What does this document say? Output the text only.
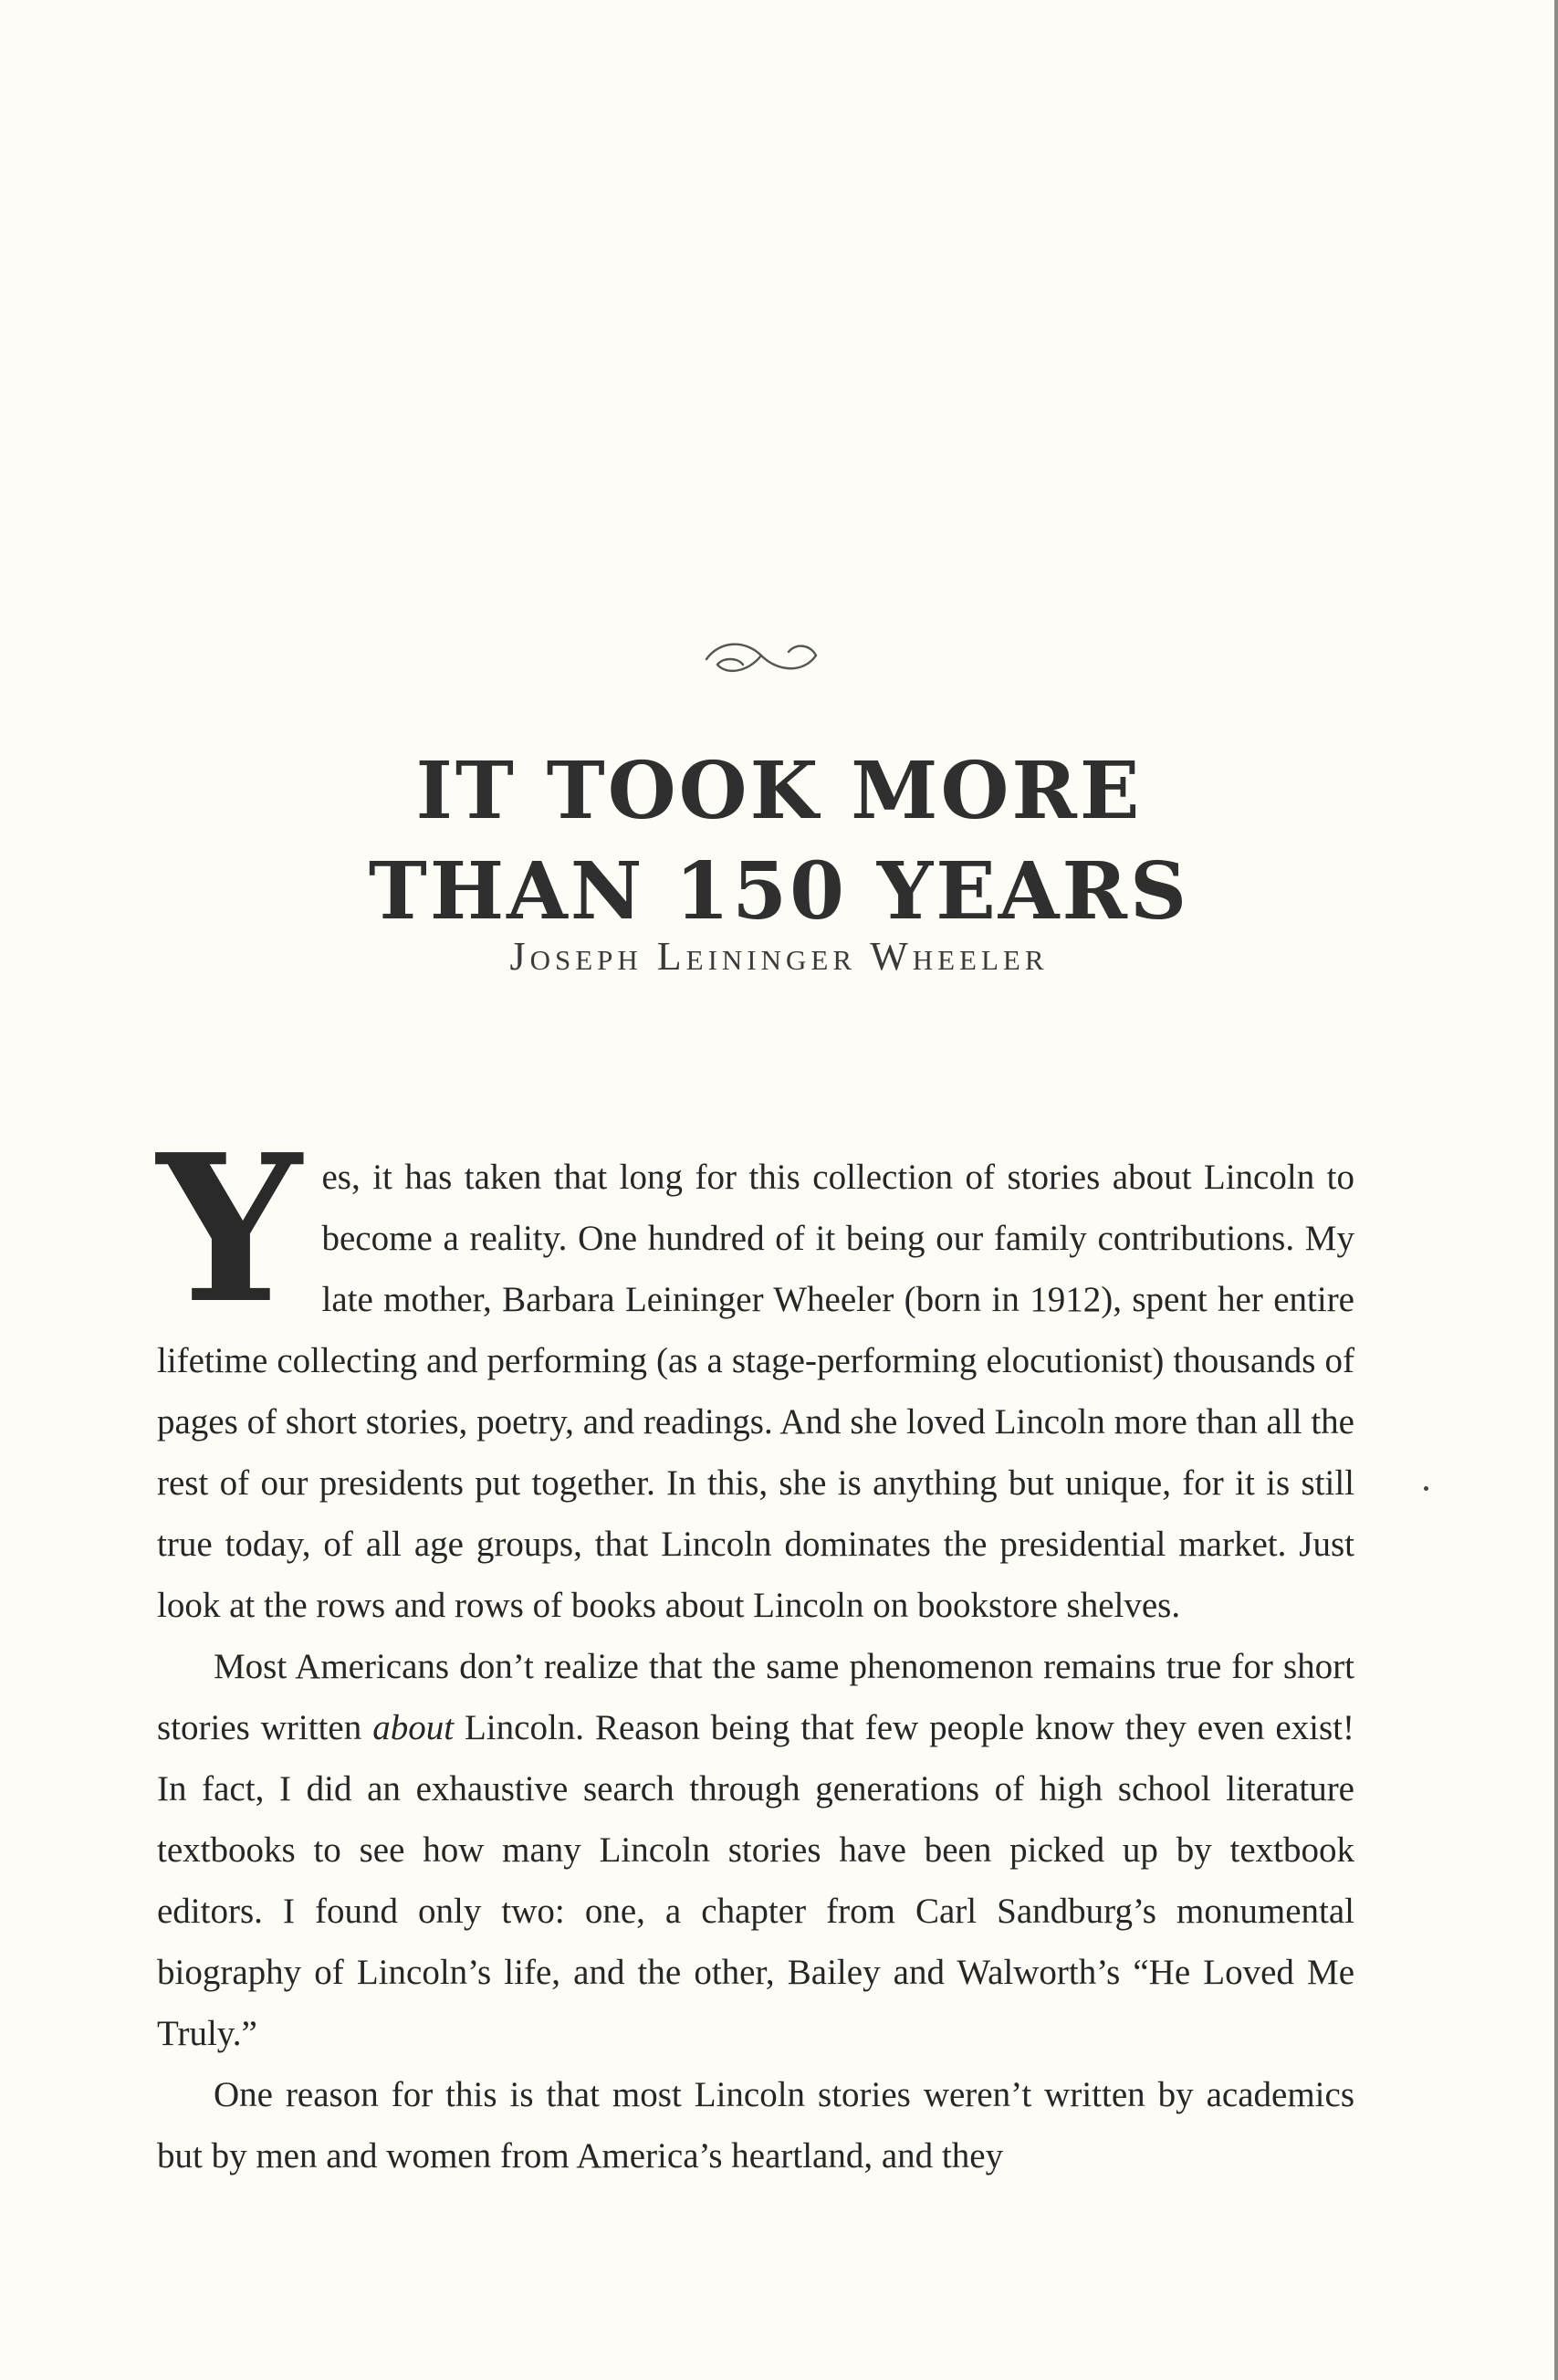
IT TOOK MORE
THAN 150 YEARS
Joseph Leininger Wheeler

Yes, it has taken that long for this collection of stories about Lincoln to become a reality. One hundred of it being our family contributions. My late mother, Barbara Leininger Wheeler (born in 1912), spent her entire lifetime collecting and performing (as a stage-performing elocutionist) thousands of pages of short stories, poetry, and readings. And she loved Lincoln more than all the rest of our presidents put together. In this, she is anything but unique, for it is still true today, of all age groups, that Lincoln dominates the presidential market. Just look at the rows and rows of books about Lincoln on bookstore shelves.

Most Americans don’t realize that the same phenomenon remains true for short stories written about Lincoln. Reason being that few people know they even exist! In fact, I did an exhaustive search through generations of high school literature textbooks to see how many Lincoln stories have been picked up by textbook editors. I found only two: one, a chapter from Carl Sandburg’s monumental biography of Lincoln’s life, and the other, Bailey and Walworth’s “He Loved Me Truly.”

One reason for this is that most Lincoln stories weren’t written by academics but by men and women from America’s heartland, and they
